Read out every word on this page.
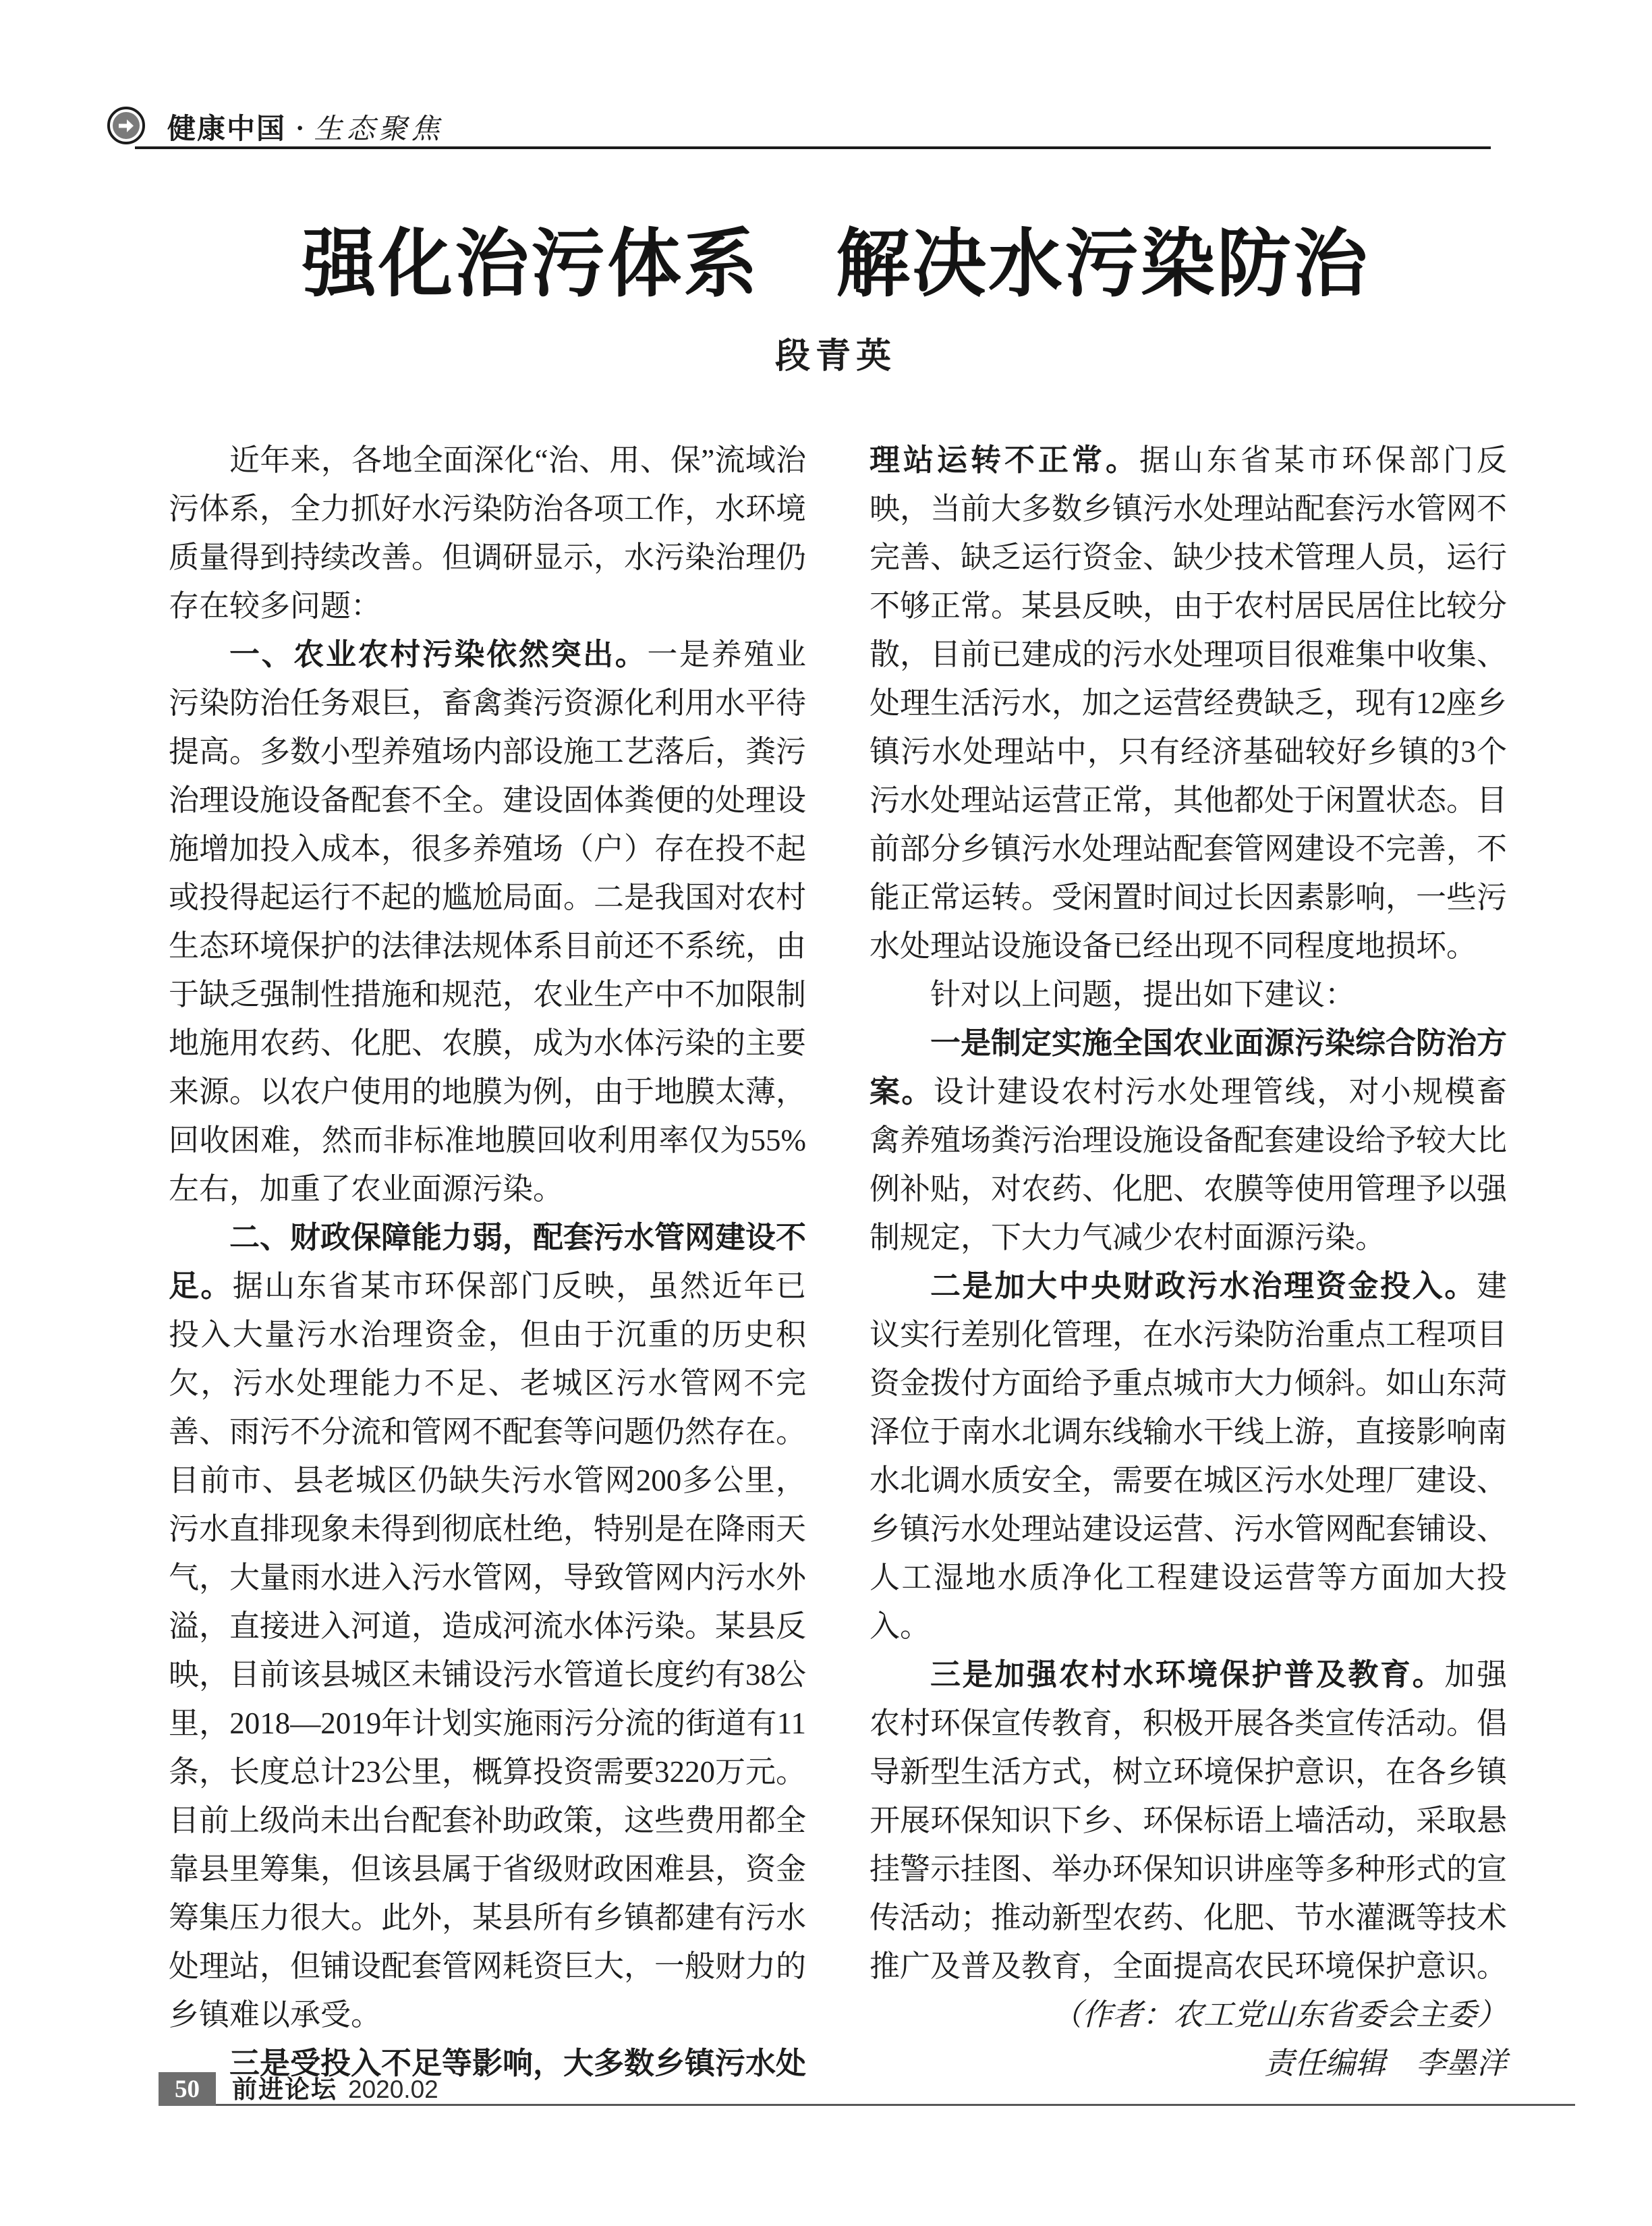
健康中国 · 生态聚焦
强化治污体系　解决水污染防治
段青英
近年来，各地全面深化“治、用、保”流域治污体系，全力抓好水污染防治各项工作，水环境质量得到持续改善。但调研显示，水污染治理仍存在较多问题：
一、农业农村污染依然突出。一是养殖业污染防治任务艰巨，畜禽粪污资源化利用水平待提高。多数小型养殖场内部设施工艺落后，粪污治理设施设备配套不全。建设固体粪便的处理设施增加投入成本，很多养殖场（户）存在投不起或投得起运行不起的尴尬局面。二是我国对农村生态环境保护的法律法规体系目前还不系统，由于缺乏强制性措施和规范，农业生产中不加限制地施用农药、化肥、农膜，成为水体污染的主要来源。以农户使用的地膜为例，由于地膜太薄，回收困难，然而非标准地膜回收利用率仅为55%左右，加重了农业面源污染。
二、财政保障能力弱，配套污水管网建设不足。据山东省某市环保部门反映，虽然近年已投入大量污水治理资金，但由于沉重的历史积欠，污水处理能力不足、老城区污水管网不完善、雨污不分流和管网不配套等问题仍然存在。目前市、县老城区仍缺失污水管网200多公里，污水直排现象未得到彻底杜绝，特别是在降雨天气，大量雨水进入污水管网，导致管网内污水外溢，直接进入河道，造成河流水体污染。某县反映，目前该县城区未铺设污水管道长度约有38公里，2018—2019年计划实施雨污分流的街道有11条，长度总计23公里，概算投资需要3220万元。目前上级尚未出台配套补助政策，这些费用都全靠县里筹集，但该县属于省级财政困难县，资金筹集压力很大。此外，某县所有乡镇都建有污水处理站，但铺设配套管网耗资巨大，一般财力的乡镇难以承受。
三是受投入不足等影响，大多数乡镇污水处
理站运转不正常。据山东省某市环保部门反映，当前大多数乡镇污水处理站配套污水管网不完善、缺乏运行资金、缺少技术管理人员，运行不够正常。某县反映，由于农村居民居住比较分散，目前已建成的污水处理项目很难集中收集、处理生活污水，加之运营经费缺乏，现有12座乡镇污水处理站中，只有经济基础较好乡镇的3个污水处理站运营正常，其他都处于闲置状态。目前部分乡镇污水处理站配套管网建设不完善，不能正常运转。受闲置时间过长因素影响，一些污水处理站设施设备已经出现不同程度地损坏。
针对以上问题，提出如下建议：
一是制定实施全国农业面源污染综合防治方案。设计建设农村污水处理管线，对小规模畜禽养殖场粪污治理设施设备配套建设给予较大比例补贴，对农药、化肥、农膜等使用管理予以强制规定，下大力气减少农村面源污染。
二是加大中央财政污水治理资金投入。建议实行差别化管理，在水污染防治重点工程项目资金拨付方面给予重点城市大力倾斜。如山东菏泽位于南水北调东线输水干线上游，直接影响南水北调水质安全，需要在城区污水处理厂建设、乡镇污水处理站建设运营、污水管网配套铺设、人工湿地水质净化工程建设运营等方面加大投入。
三是加强农村水环境保护普及教育。加强农村环保宣传教育，积极开展各类宣传活动。倡导新型生活方式，树立环境保护意识，在各乡镇开展环保知识下乡、环保标语上墙活动，采取悬挂警示挂图、举办环保知识讲座等多种形式的宣传活动；推动新型农药、化肥、节水灌溉等技术推广及普及教育，全面提高农民环境保护意识。
（作者：农工党山东省委会主委）
责任编辑　李墨洋
50	前进论坛 2020.02
